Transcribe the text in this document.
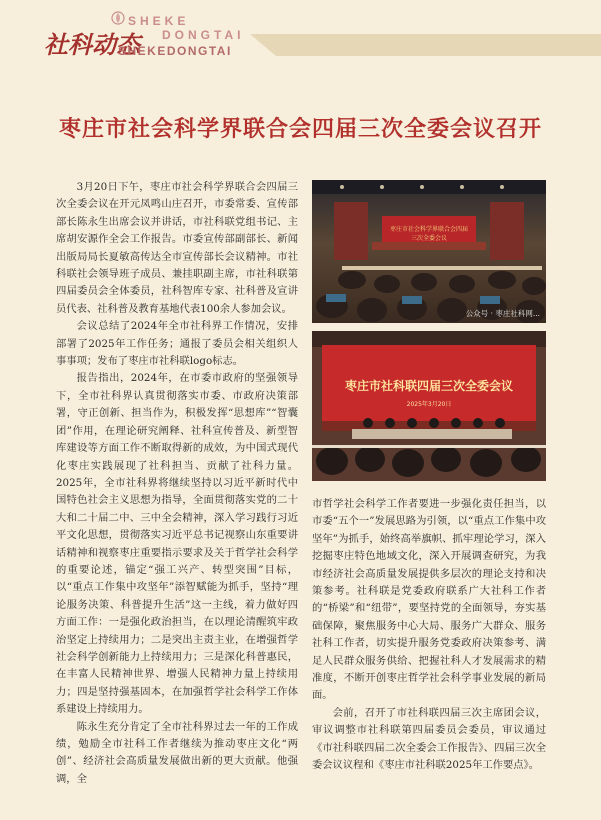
社科动态
SHEKE
DONGTAI
SHEKEDONGTAI
枣庄市社会科学界联合会四届三次全委会议召开

3月20日下午，枣庄市社会科学界联合会四届三次全委会议在开元凤鸣山庄召开，市委常委、宣传部部长陈永生出席会议并讲话，市社科联党组书记、主席胡安源作全会工作报告。市委宣传部副部长、新闻出版局局长夏敏高传达全市宣传部长会议精神。市社科联社会领导班子成员、兼挂职副主席，市社科联第四届委员会全体委员，社科智库专家、社科普及宣讲员代表、社科普及教育基地代表100余人参加会议。

会议总结了2024年全市社科界工作情况，安排部署了2025年工作任务；通报了委员会相关组织人事事项；发布了枣庄市社科联logo标志。

报告指出，2024年，在市委市政府的坚强领导下，全市社科界认真贯彻落实市委、市政府决策部署，守正创新、担当作为，积极发挥“思想库”“智囊团”作用，在理论研究阐释、社科宣传普及、新型智库建设等方面工作不断取得新的成效，为中国式现代化枣庄实践展现了社科担当、贡献了社科力量。2025年，全市社科界将继续坚持以习近平新时代中国特色社会主义思想为指导，全面贯彻落实党的二十大和二十届二中、三中全会精神，深入学习践行习近平文化思想，贯彻落实习近平总书记视察山东重要讲话精神和视察枣庄重要指示要求及关于哲学社会科学的重要论述，锚定“强工兴产、转型突围”目标，以“重点工作集中攻坚年”添智赋能为抓手，坚持“理论服务决策、科普提升生活”这一主线，着力做好四方面工作：一是强化政治担当，在以理论清醒筑牢政治坚定上持续用力；二是突出主责主业，在增强哲学社会科学创新能力上持续用力；三是深化科普惠民，在丰富人民精神世界、增强人民精神力量上持续用力；四是坚持强基固本，在加强哲学社会科学工作体系建设上持续用力。

陈永生充分肯定了全市社科界过去一年的工作成绩，勉励全市社科工作者继续为推动枣庄文化“两创”、经济社会高质量发展做出新的更大贡献。他强调，全

枣庄市社会科学界联合会四届三次全委会议
公众号 · 枣庄社科网...
枣庄市社科联四届三次全委会议
2025年3月20日

市哲学社会科学工作者要进一步强化责任担当，以市委“五个一”发展思路为引领，以“重点工作集中攻坚年”为抓手，始终高举旗帜、抓牢理论学习，深入挖掘枣庄特色地域文化，深入开展调查研究，为我市经济社会高质量发展提供多层次的理论支持和决策参考。社科联是党委政府联系广大社科工作者的“桥梁”和“纽带”，要坚持党的全面领导，夯实基础保障，聚焦服务中心大局、服务广大群众、服务社科工作者，切实提升服务党委政府决策参考、满足人民群众服务供给、把握社科人才发展需求的精准度，不断开创枣庄哲学社会科学事业发展的新局面。

会前，召开了市社科联四届三次主席团会议，审议调整市社科联第四届委员会委员，审议通过《市社科联四届二次全委会工作报告》、四届三次全委会议议程和《枣庄市社科联2025年工作要点》。
